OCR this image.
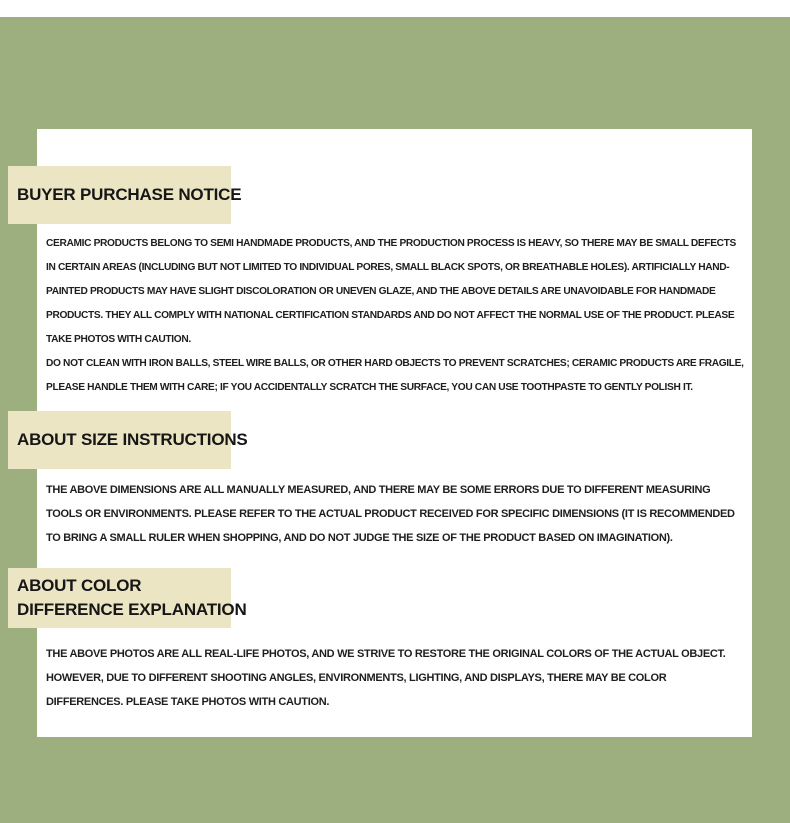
BUYER PURCHASE NOTICE

CERAMIC PRODUCTS BELONG TO SEMI HANDMADE PRODUCTS, AND THE PRODUCTION PROCESS IS HEAVY, SO THERE MAY BE SMALL DEFECTS IN CERTAIN AREAS (INCLUDING BUT NOT LIMITED TO INDIVIDUAL PORES, SMALL BLACK SPOTS, OR BREATHABLE HOLES). ARTIFICIALLY HAND-PAINTED PRODUCTS MAY HAVE SLIGHT DISCOLORATION OR UNEVEN GLAZE, AND THE ABOVE DETAILS ARE UNAVOIDABLE FOR HANDMADE PRODUCTS. THEY ALL COMPLY WITH NATIONAL CERTIFICATION STANDARDS AND DO NOT AFFECT THE NORMAL USE OF THE PRODUCT. PLEASE TAKE PHOTOS WITH CAUTION.

DO NOT CLEAN WITH IRON BALLS, STEEL WIRE BALLS, OR OTHER HARD OBJECTS TO PREVENT SCRATCHES; CERAMIC PRODUCTS ARE FRAGILE, PLEASE HANDLE THEM WITH CARE; IF YOU ACCIDENTALLY SCRATCH THE SURFACE, YOU CAN USE TOOTHPASTE TO GENTLY POLISH IT.

ABOUT SIZE INSTRUCTIONS

THE ABOVE DIMENSIONS ARE ALL MANUALLY MEASURED, AND THERE MAY BE SOME ERRORS DUE TO DIFFERENT MEASURING TOOLS OR ENVIRONMENTS. PLEASE REFER TO THE ACTUAL PRODUCT RECEIVED FOR SPECIFIC DIMENSIONS (IT IS RECOMMENDED TO BRING A SMALL RULER WHEN SHOPPING, AND DO NOT JUDGE THE SIZE OF THE PRODUCT BASED ON IMAGINATION).

ABOUT COLOR
DIFFERENCE EXPLANATION

THE ABOVE PHOTOS ARE ALL REAL-LIFE PHOTOS, AND WE STRIVE TO RESTORE THE ORIGINAL COLORS OF THE ACTUAL OBJECT. HOWEVER, DUE TO DIFFERENT SHOOTING ANGLES, ENVIRONMENTS, LIGHTING, AND DISPLAYS, THERE MAY BE COLOR DIFFERENCES. PLEASE TAKE PHOTOS WITH CAUTION.
